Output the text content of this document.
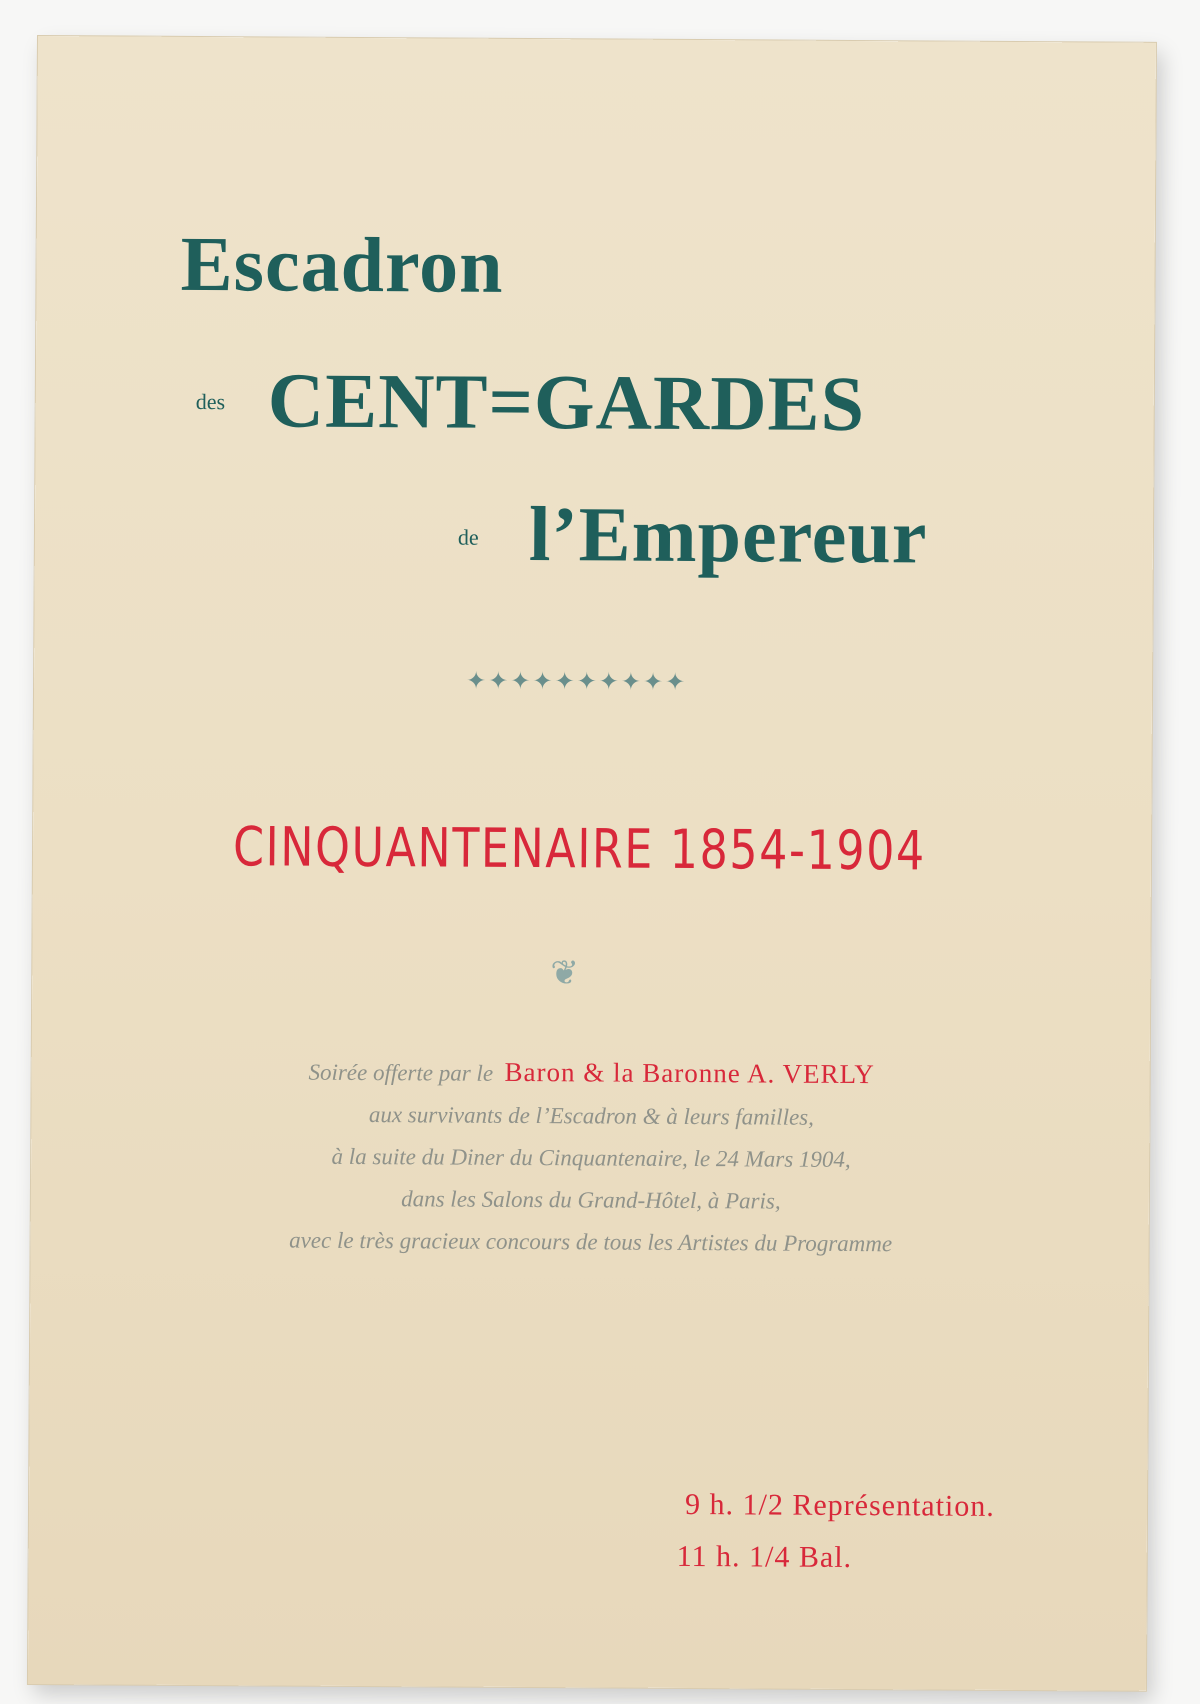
Escadron
des CENT=GARDES
de l’Empereur
✦✦✦✦✦✦✦✦✦✦
CINQUANTENAIRE 1854-1904
❦
Soirée offerte par le Baron & la Baronne A. VERLY
aux survivants de l’Escadron & à leurs familles,
à la suite du Diner du Cinquantenaire, le 24 Mars 1904,
dans les Salons du Grand-Hôtel, à Paris,
avec le très gracieux concours de tous les Artistes du Programme
9 h. 1/2 Représentation.
11 h. 1/4 Bal.
